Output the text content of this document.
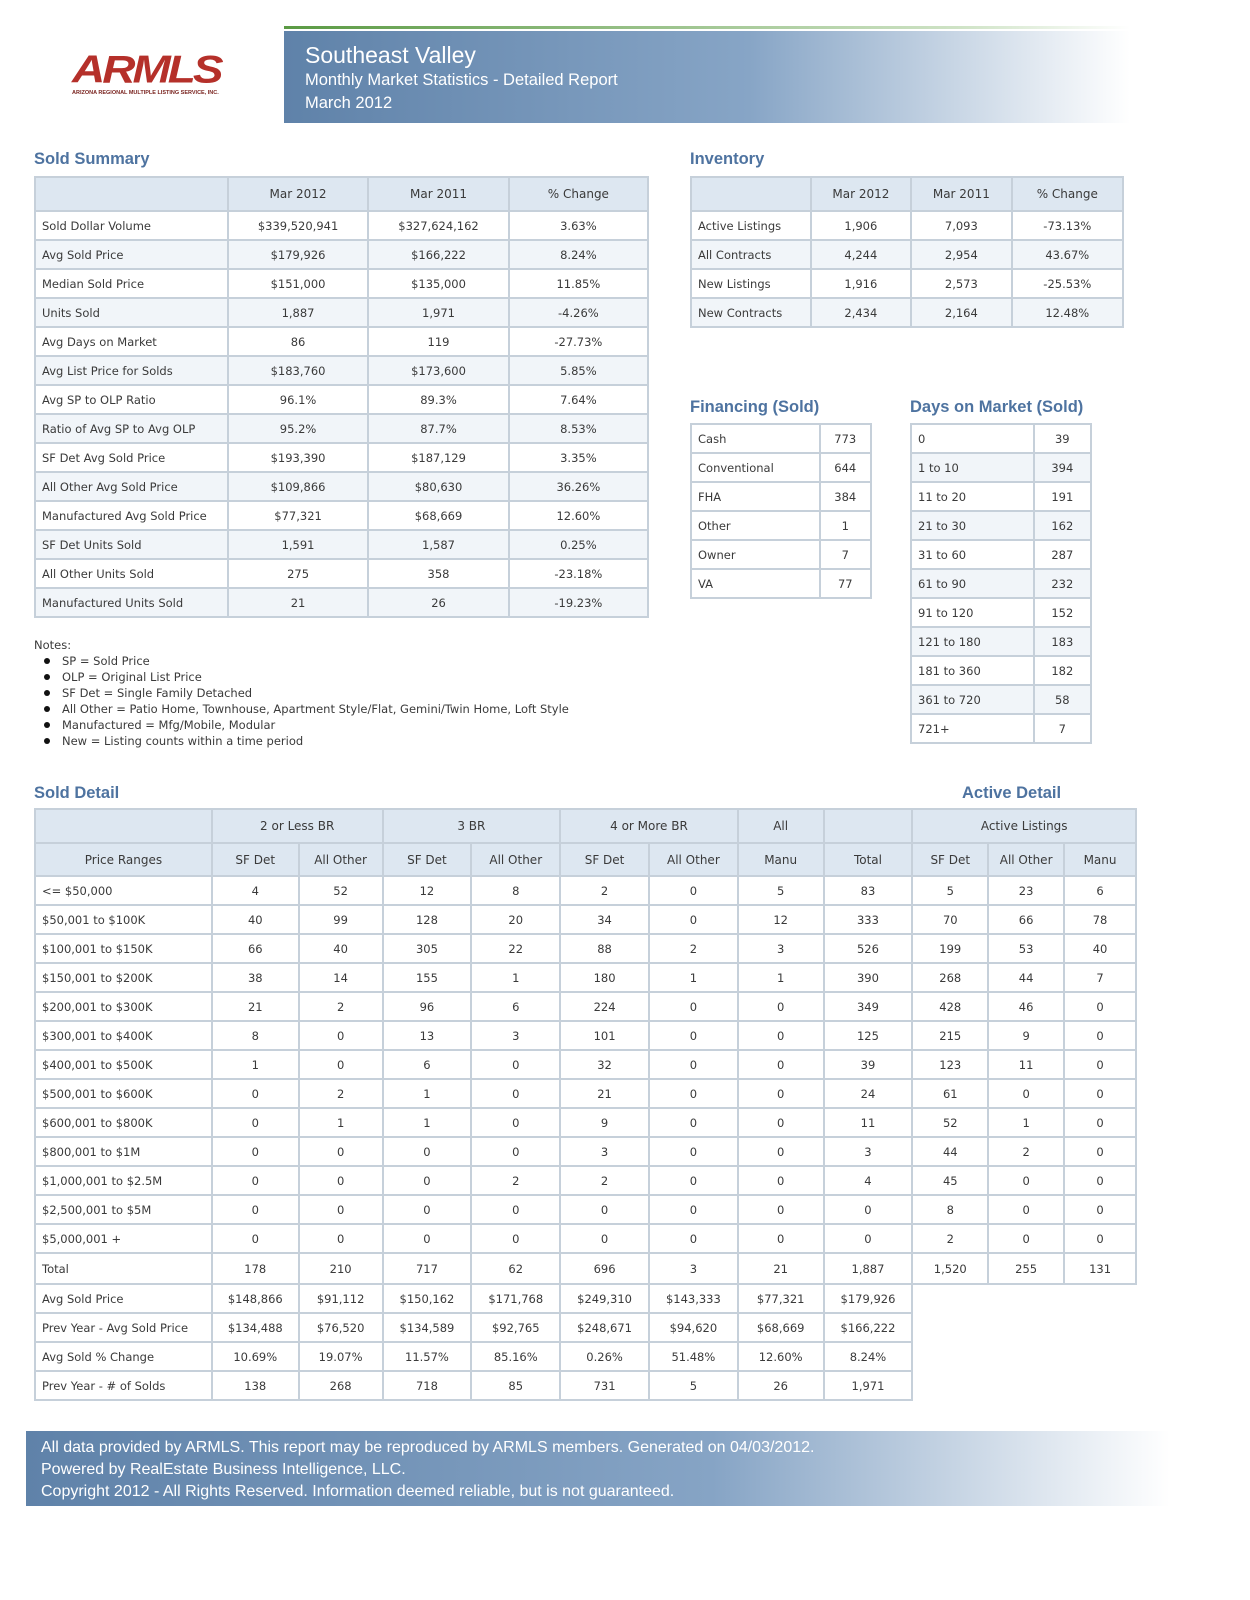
ARMLS
ARIZONA REGIONAL MULTIPLE LISTING SERVICE, INC.
Southeast Valley
Monthly Market Statistics - Detailed Report
March 2012
Sold Summary
	Mar 2012	Mar 2011	% Change
Sold Dollar Volume	$339,520,941	$327,624,162	3.63%
Avg Sold Price	$179,926	$166,222	8.24%
Median Sold Price	$151,000	$135,000	11.85%
Units Sold	1,887	1,971	-4.26%
Avg Days on Market	86	119	-27.73%
Avg List Price for Solds	$183,760	$173,600	5.85%
Avg SP to OLP Ratio	96.1%	89.3%	7.64%
Ratio of Avg SP to Avg OLP	95.2%	87.7%	8.53%
SF Det Avg Sold Price	$193,390	$187,129	3.35%
All Other Avg Sold Price	$109,866	$80,630	36.26%
Manufactured Avg Sold Price	$77,321	$68,669	12.60%
SF Det Units Sold	1,591	1,587	0.25%
All Other Units Sold	275	358	-23.18%
Manufactured Units Sold	21	26	-19.23%
Inventory
	Mar 2012	Mar 2011	% Change
Active Listings	1,906	7,093	-73.13%
All Contracts	4,244	2,954	43.67%
New Listings	1,916	2,573	-25.53%
New Contracts	2,434	2,164	12.48%
Financing (Sold)
Cash	773
Conventional	644
FHA	384
Other	1
Owner	7
VA	77
Days on Market (Sold)
0	39
1 to 10	394
11 to 20	191
21 to 30	162
31 to 60	287
61 to 90	232
91 to 120	152
121 to 180	183
181 to 360	182
361 to 720	58
721+	7
Notes:
SP = Sold Price
OLP = Original List Price
SF Det = Single Family Detached
All Other = Patio Home, Townhouse, Apartment Style/Flat, Gemini/Twin Home, Loft Style
Manufactured = Mfg/Mobile, Modular
New = Listing counts within a time period
Sold Detail	Active Detail
	2 or Less BR		3 BR		4 or More BR		All		Active Listings		
Price Ranges	SF Det	All Other	SF Det	All Other	SF Det	All Other	Manu	Total	SF Det	All Other	Manu
<= $50,000	4	52	12	8	2	0	5	83	5	23	6
$50,001 to $100K	40	99	128	20	34	0	12	333	70	66	78
$100,001 to $150K	66	40	305	22	88	2	3	526	199	53	40
$150,001 to $200K	38	14	155	1	180	1	1	390	268	44	7
$200,001 to $300K	21	2	96	6	224	0	0	349	428	46	0
$300,001 to $400K	8	0	13	3	101	0	0	125	215	9	0
$400,001 to $500K	1	0	6	0	32	0	0	39	123	11	0
$500,001 to $600K	0	2	1	0	21	0	0	24	61	0	0
$600,001 to $800K	0	1	1	0	9	0	0	11	52	1	0
$800,001 to $1M	0	0	0	0	3	0	0	3	44	2	0
$1,000,001 to $2.5M	0	0	0	2	2	0	0	4	45	0	0
$2,500,001 to $5M	0	0	0	0	0	0	0	0	8	0	0
$5,000,001 +	0	0	0	0	0	0	0	0	2	0	0
Total	178	210	717	62	696	3	21	1,887	1,520	255	131
Avg Sold Price	$148,866	$91,112	$150,162	$171,768	$249,310	$143,333	$77,321	$179,926			
Prev Year - Avg Sold Price	$134,488	$76,520	$134,589	$92,765	$248,671	$94,620	$68,669	$166,222			
Avg Sold % Change	10.69%	19.07%	11.57%	85.16%	0.26%	51.48%	12.60%	8.24%			
Prev Year - # of Solds	138	268	718	85	731	5	26	1,971			
All data provided by ARMLS. This report may be reproduced by ARMLS members. Generated on 04/03/2012.
Powered by RealEstate Business Intelligence, LLC.
Copyright 2012 - All Rights Reserved. Information deemed reliable, but is not guaranteed.
